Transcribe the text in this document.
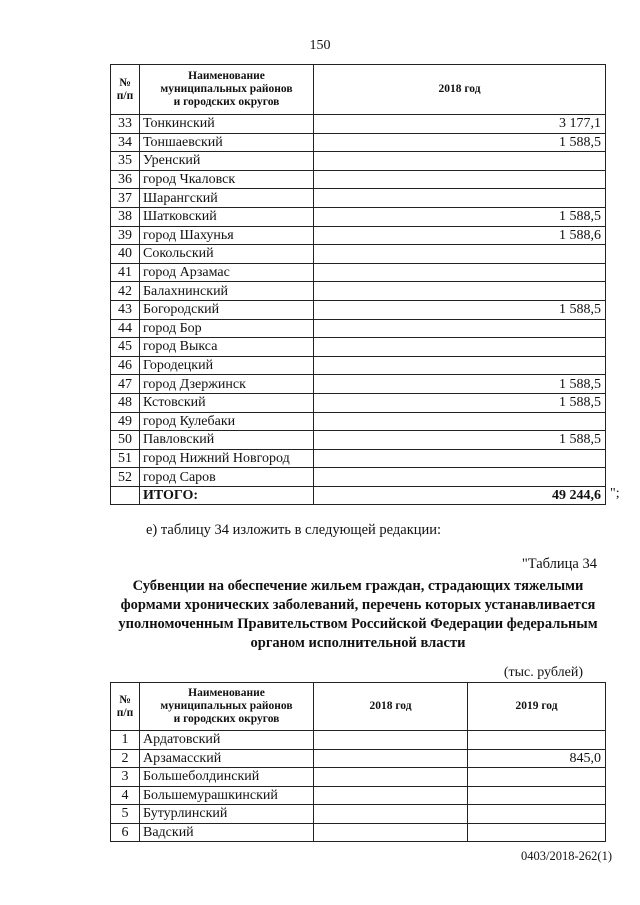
150
№
п/п	Наименование
муниципальных районов
и городских округов	2018 год
33	Тонкинский	3 177,1
34	Тоншаевский	1 588,5
35	Уренский	
36	город Чкаловск	
37	Шарангский	
38	Шатковский	1 588,5
39	город Шахунья	1 588,6
40	Сокольский	
41	город Арзамас	
42	Балахнинский	
43	Богородский	1 588,5
44	город Бор	
45	город Выкса	
46	Городецкий	
47	город Дзержинск	1 588,5
48	Кстовский	1 588,5
49	город Кулебаки	
50	Павловский	1 588,5
51	город Нижний Новгород	
52	город Саров	
	ИТОГО:	49 244,6 ";
е) таблицу 34 изложить в следующей редакции:
"Таблица 34
Субвенции на обеспечение жильем граждан, страдающих тяжелыми формами хронических заболеваний, перечень которых устанавливается уполномоченным Правительством Российской Федерации федеральным органом исполнительной власти
(тыс. рублей)
№
п/п	Наименование
муниципальных районов
и городских округов	2018 год	2019 год
1	Ардатовский		
2	Арзамасский		845,0
3	Большеболдинский		
4	Большемурашкинский		
5	Бутурлинский		
6	Вадский		
0403/2018-262(1)
